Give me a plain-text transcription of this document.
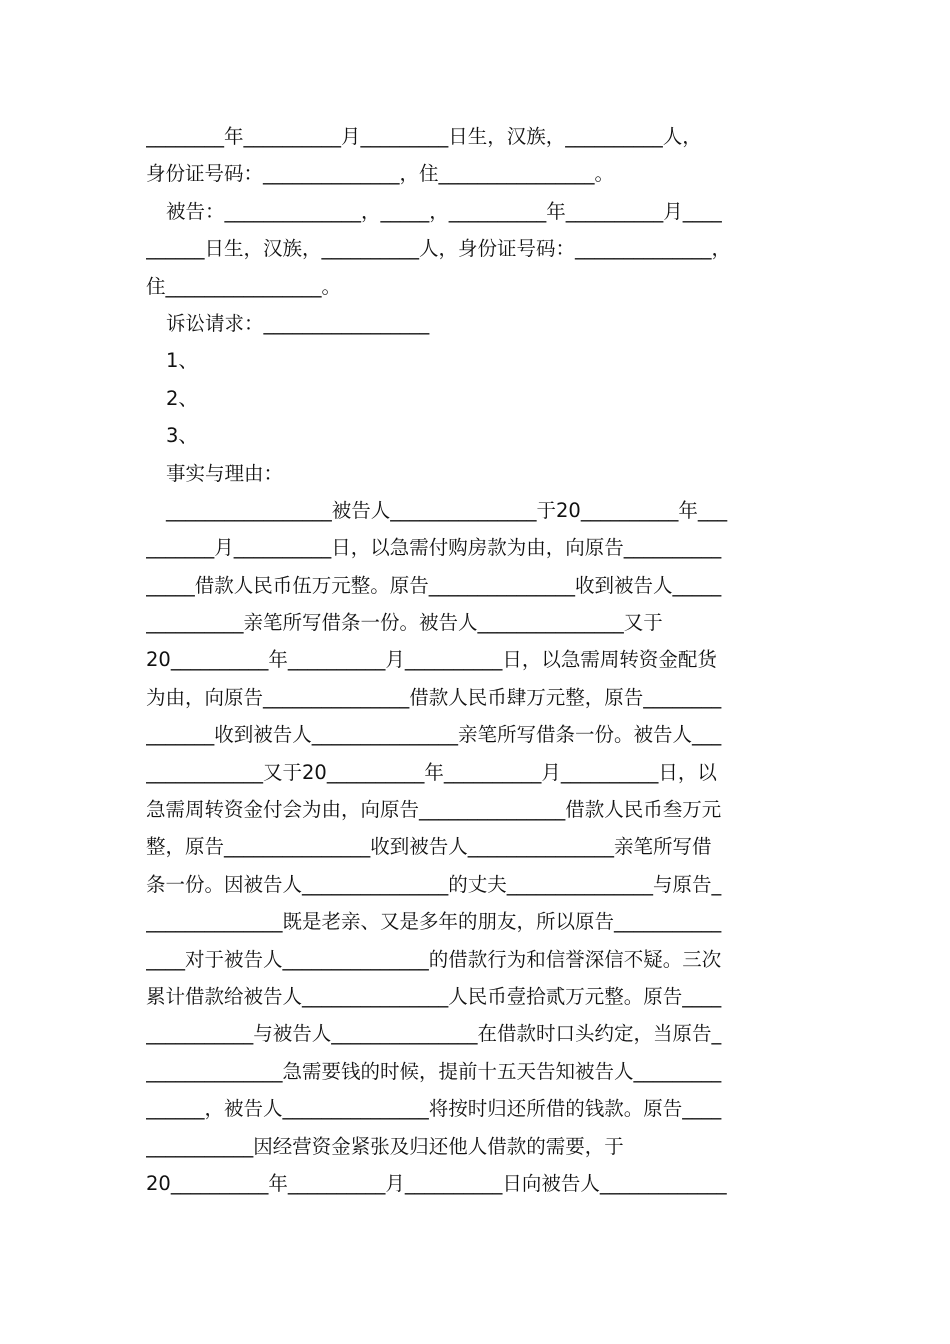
________年__________月_________日生，汉族，__________人，
身份证号码：______________，住________________。
被告：______________，_____，__________年__________月____
______日生，汉族，__________人，身份证号码：______________，
住________________。
诉讼请求：_________________
1、
2、
3、
事实与理由：
_________________被告人_______________于20__________年___
_______月__________日，以急需付购房款为由，向原告__________
_____借款人民币伍万元整。原告_______________收到被告人_____
__________亲笔所写借条一份。被告人_______________又于
20__________年__________月__________日，以急需周转资金配货
为由，向原告_______________借款人民币肆万元整，原告________
_______收到被告人_______________亲笔所写借条一份。被告人___
____________又于20__________年__________月__________日，以
急需周转资金付会为由，向原告_______________借款人民币叁万元
整，原告_______________收到被告人_______________亲笔所写借
条一份。因被告人_______________的丈夫_______________与原告_
______________既是老亲、又是多年的朋友，所以原告___________
____对于被告人_______________的借款行为和信誉深信不疑。三次
累计借款给被告人_______________人民币壹拾贰万元整。原告____
___________与被告人_______________在借款时口头约定，当原告_
______________急需要钱的时候，提前十五天告知被告人_________
______，被告人_______________将按时归还所借的钱款。原告____
___________因经营资金紧张及归还他人借款的需要，于
20__________年__________月__________日向被告人_____________
